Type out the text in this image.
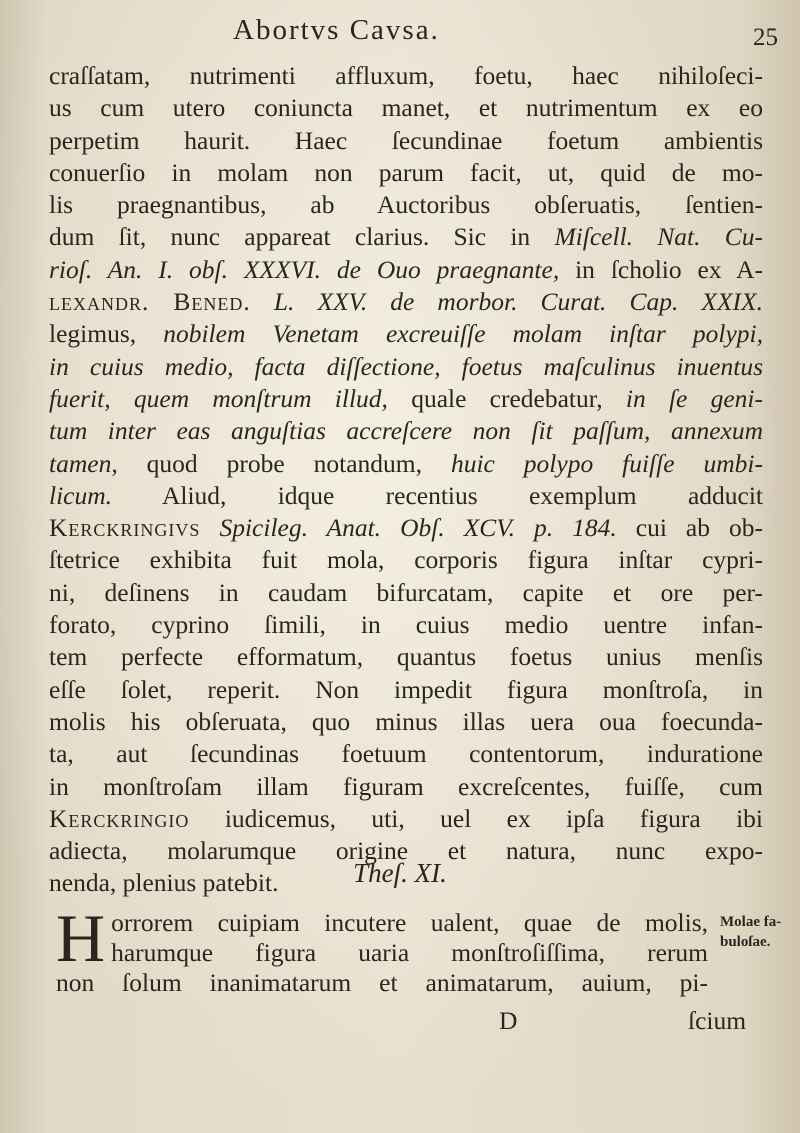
Abortvs Cavsa.	25
craſſatam, nutrimenti affluxum, foetu, haec nihiloſeci-
us cum utero coniuncta manet, et nutrimentum ex eo
perpetim haurit. Haec ſecundinae foetum ambientis
conuerſio in molam non parum facit, ut, quid de mo-
lis praegnantibus, ab Auctoribus obſeruatis, ſentien-
dum ſit, nunc appareat clarius. Sic in Miſcell. Nat. Cu-
rioſ. An. I. obſ. XXXVI. de Ouo praegnante, in ſcholio ex A-
lexandr. Bened. L. XXV. de morbor. Curat. Cap. XXIX.
legimus, nobilem Venetam excreuiſſe molam inſtar polypi,
in cuius medio, facta diſſectione, foetus maſculinus inuentus
fuerit, quem monſtrum illud, quale credebatur, in ſe geni-
tum inter eas anguſtias accreſcere non ſit paſſum, annexum
tamen, quod probe notandum, huic polypo fuiſſe umbi-
licum. Aliud, idque recentius exemplum adducit
Kerckringivs Spicileg. Anat. Obſ. XCV. p. 184. cui ab ob-
ſtetrice exhibita fuit mola, corporis figura inſtar cypri-
ni, deſinens in caudam bifurcatam, capite et ore per-
forato, cyprino ſimili, in cuius medio uentre infan-
tem perfecte efformatum, quantus foetus unius menſis
eſſe ſolet, reperit. Non impedit figura monſtroſa, in
molis his obſeruata, quo minus illas uera oua foecunda-
ta, aut ſecundinas foetuum contentorum, induratione
in monſtroſam illam figuram excreſcentes, fuiſſe, cum
Kerckringio iudicemus, uti, uel ex ipſa figura ibi
adiecta, molarumque origine et natura, nunc expo-
nenda, plenius patebit.	Theſ. XI.
H orrorem cuipiam incutere ualent, quae de molis,
harumque figura uaria monſtroſiſſima, rerum
non ſolum inanimatarum et animatarum, auium, pi-
Molae fa-
buloſae.
D	ſcium
